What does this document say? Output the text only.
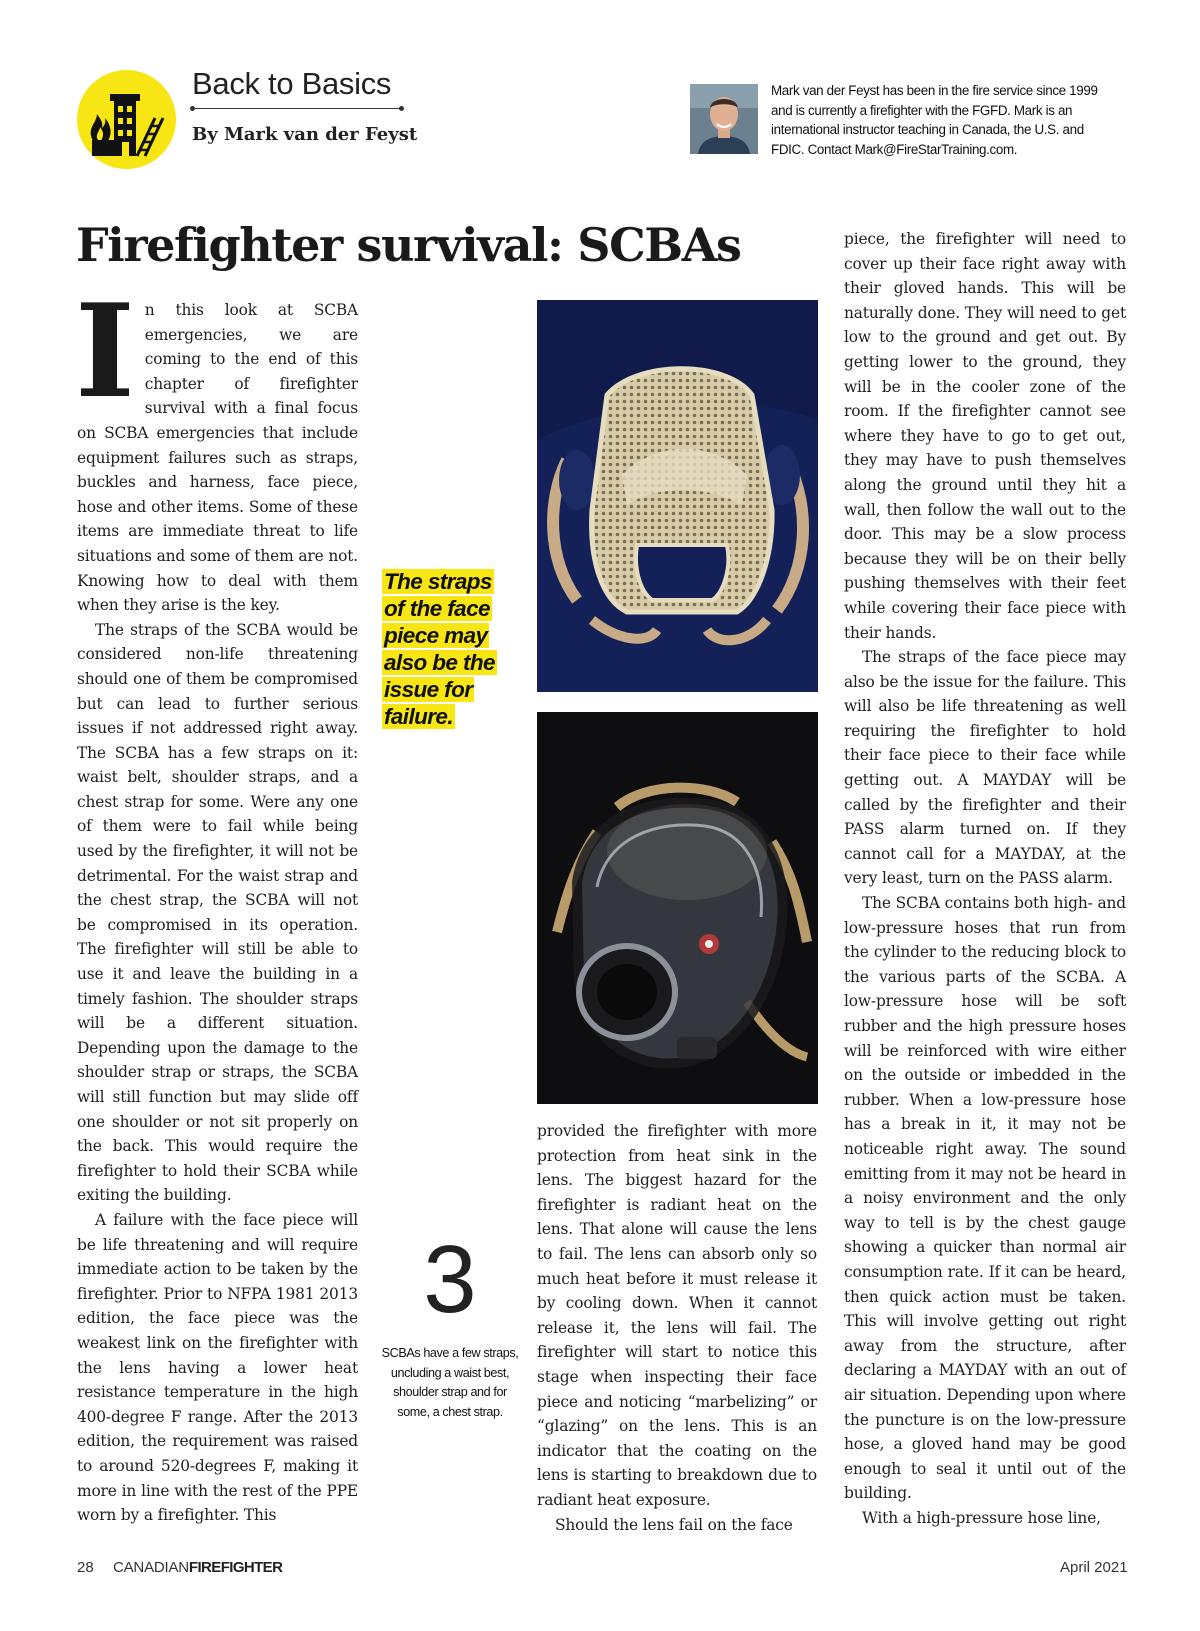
Back to Basics
By Mark van der Feyst
Mark van der Feyst has been in the fire service since 1999 and is currently a firefighter with the FGFD. Mark is an international instructor teaching in Canada, the U.S. and FDIC. Contact Mark@FireStarTraining.com.
Firefighter survival: SCBAs

In this look at SCBA emergencies, we are coming to the end of this chapter of firefighter survival with a final focus on SCBA emergencies that include equipment failures such as straps, buckles and harness, face piece, hose and other items. Some of these items are immediate threat to life situations and some of them are not. Knowing how to deal with them when they arise is the key.

The straps of the SCBA would be considered non-life threatening should one of them be compromised but can lead to further serious issues if not addressed right away. The SCBA has a few straps on it: waist belt, shoulder straps, and a chest strap for some. Were any one of them were to fail while being used by the firefighter, it will not be detrimental. For the waist strap and the chest strap, the SCBA will not be compromised in its operation. The firefighter will still be able to use it and leave the building in a timely fashion. The shoulder straps will be a different situation. Depending upon the damage to the shoulder strap or straps, the SCBA will still function but may slide off one shoulder or not sit properly on the back. This would require the firefighter to hold their SCBA while exiting the building.

A failure with the face piece will be life threatening and will require immediate action to be taken by the firefighter. Prior to NFPA 1981 2013 edition, the face piece was the weakest link on the firefighter with the lens having a lower heat resistance temperature in the high 400-degree F range. After the 2013 edition, the requirement was raised to around 520-degrees F, making it more in line with the rest of the PPE worn by a firefighter. This

The straps of the face piece may also be the issue for failure.
3
SCBAs have a few straps, uncluding a waist best, shoulder strap and for some, a chest strap.

provided the firefighter with more protection from heat sink in the lens. The biggest hazard for the firefighter is radiant heat on the lens. That alone will cause the lens to fail. The lens can absorb only so much heat before it must release it by cooling down. When it cannot release it, the lens will fail. The firefighter will start to notice this stage when inspecting their face piece and noticing “marbelizing” or “glazing” on the lens. This is an indicator that the coating on the lens is starting to breakdown due to radiant heat exposure.

Should the lens fail on the face

piece, the firefighter will need to cover up their face right away with their gloved hands. This will be naturally done. They will need to get low to the ground and get out. By getting lower to the ground, they will be in the cooler zone of the room. If the firefighter cannot see where they have to go to get out, they may have to push themselves along the ground until they hit a wall, then follow the wall out to the door. This may be a slow process because they will be on their belly pushing themselves with their feet while covering their face piece with their hands.

The straps of the face piece may also be the issue for the failure. This will also be life threatening as well requiring the firefighter to hold their face piece to their face while getting out. A MAYDAY will be called by the firefighter and their PASS alarm turned on. If they cannot call for a MAYDAY, at the very least, turn on the PASS alarm.

The SCBA contains both high- and low-pressure hoses that run from the cylinder to the reducing block to the various parts of the SCBA. A low-pressure hose will be soft rubber and the high pressure hoses will be reinforced with wire either on the outside or imbedded in the rubber. When a low-pressure hose has a break in it, it may not be noticeable right away. The sound emitting from it may not be heard in a noisy environment and the only way to tell is by the chest gauge showing a quicker than normal air consumption rate. If it can be heard, then quick action must be taken. This will involve getting out right away from the structure, after declaring a MAYDAY with an out of air situation. Depending upon where the puncture is on the low-pressure hose, a gloved hand may be good enough to seal it until out of the building.

With a high-pressure hose line,

28 CANADIANFIREFIGHTER	April 2021
